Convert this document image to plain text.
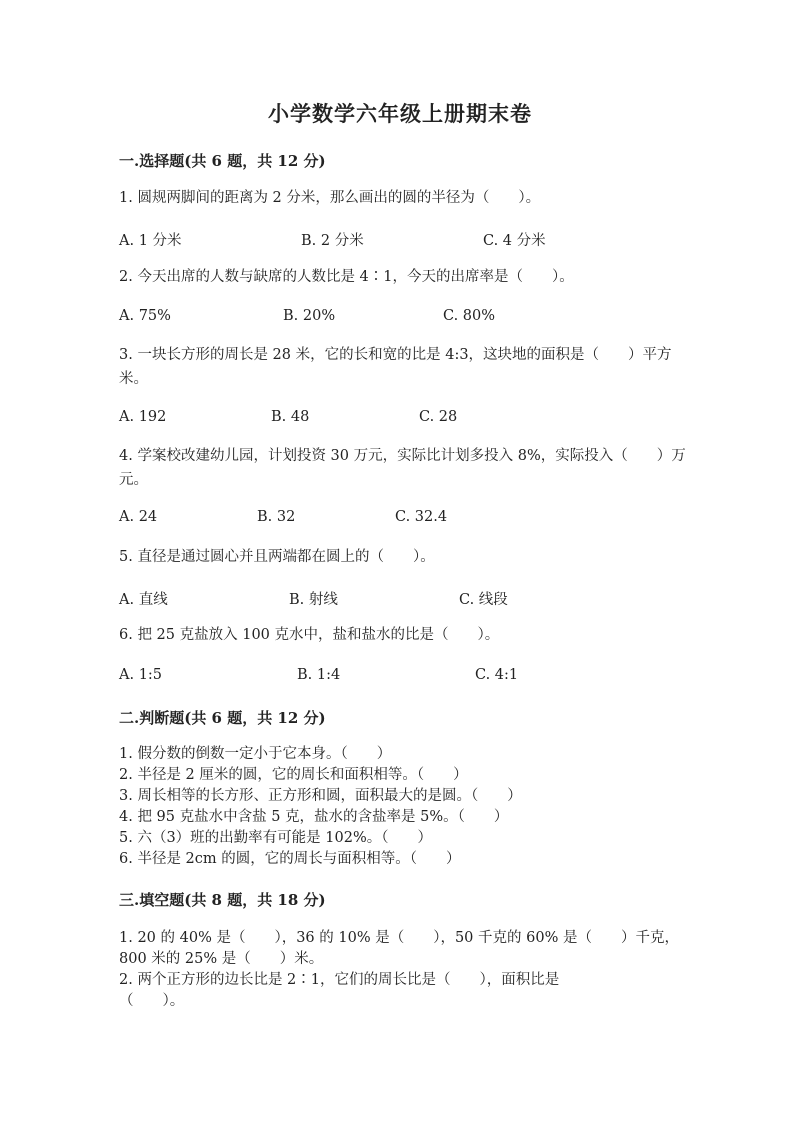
小学数学六年级上册期末卷
一.选择题(共 6 题，共 12 分)
1. 圆规两脚间的距离为 2 分米，那么画出的圆的半径为（　　）。
A. 1 分米	B. 2 分米	C. 4 分米
2. 今天出席的人数与缺席的人数比是 4∶1，今天的出席率是（　　）。
A. 75%	B. 20%	C. 80%
3. 一块长方形的周长是 28 米，它的长和宽的比是 4:3，这块地的面积是（　　）平方米。
A. 192	B. 48	C. 28
4. 学案校改建幼儿园，计划投资 30 万元，实际比计划多投入 8%，实际投入（　　）万元。
A. 24	B. 32	C. 32.4
5. 直径是通过圆心并且两端都在圆上的（　　）。
A. 直线	B. 射线	C. 线段
6. 把 25 克盐放入 100 克水中，盐和盐水的比是（　　）。
A. 1:5	B. 1:4	C. 4:1
二.判断题(共 6 题，共 12 分)
1. 假分数的倒数一定小于它本身。（　　）
2. 半径是 2 厘米的圆，它的周长和面积相等。（　　）
3. 周长相等的长方形、正方形和圆，面积最大的是圆。（　　）
4. 把 95 克盐水中含盐 5 克，盐水的含盐率是 5%。（　　）
5. 六（3）班的出勤率有可能是 102%。（　　）
6. 半径是 2cm 的圆，它的周长与面积相等。（　　）
三.填空题(共 8 题，共 18 分)
1. 20 的 40% 是（　　），36 的 10% 是（　　），50 千克的 60% 是（　　）千克，800 米的 25% 是（　　）米。
2. 两个正方形的边长比是 2∶1，它们的周长比是（　　），面积比是（　　）。
